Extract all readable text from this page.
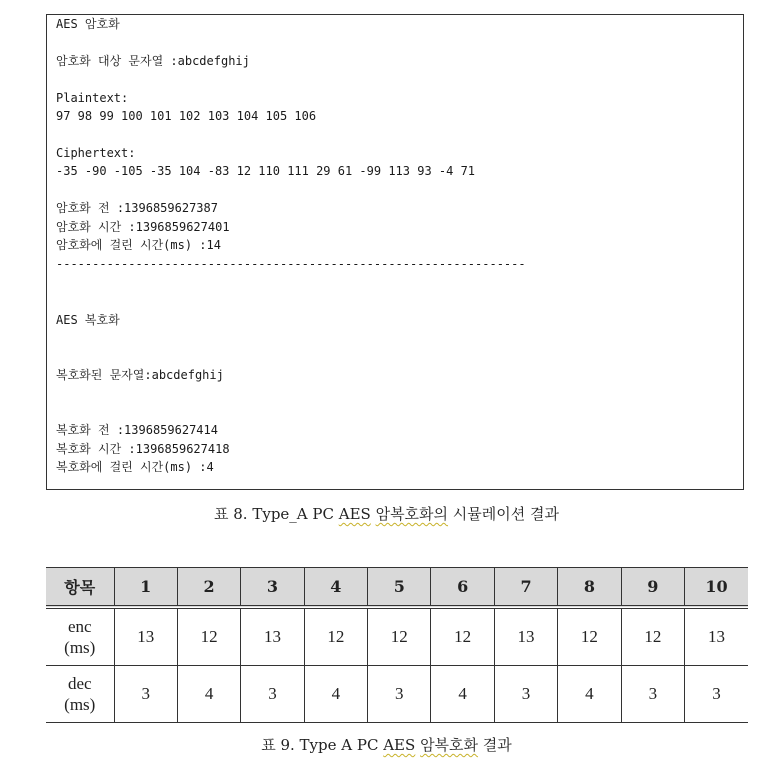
AES 암호화
암호화 대상 문자열 :abcdefghij
Plaintext:
97 98 99 100 101 102 103 104 105 106
Ciphertext:
-35 -90 -105 -35 104 -83 12 110 111 29 61 -99 113 93 -4 71
암호화 전 :1396859627387
암호화 시간 :1396859627401
암호화에 걸린 시간(ms) :14
-----------------------------------------------------------------
AES 복호화
복호화된 문자열:abcdefghij
복호화 전 :1396859627414
복호화 시간 :1396859627418
복호화에 걸린 시간(ms) :4
표 8. Type_A PC AES 암복호화의 시뮬레이션 결과
항목	1	2	3	4	5	6	7	8	9	10
enc
(ms)	13	12	13	12	12	12	13	12	12	13
dec
(ms)	3	4	3	4	3	4	3	4	3	3
표 9. Type A PC AES 암복호화 결과
